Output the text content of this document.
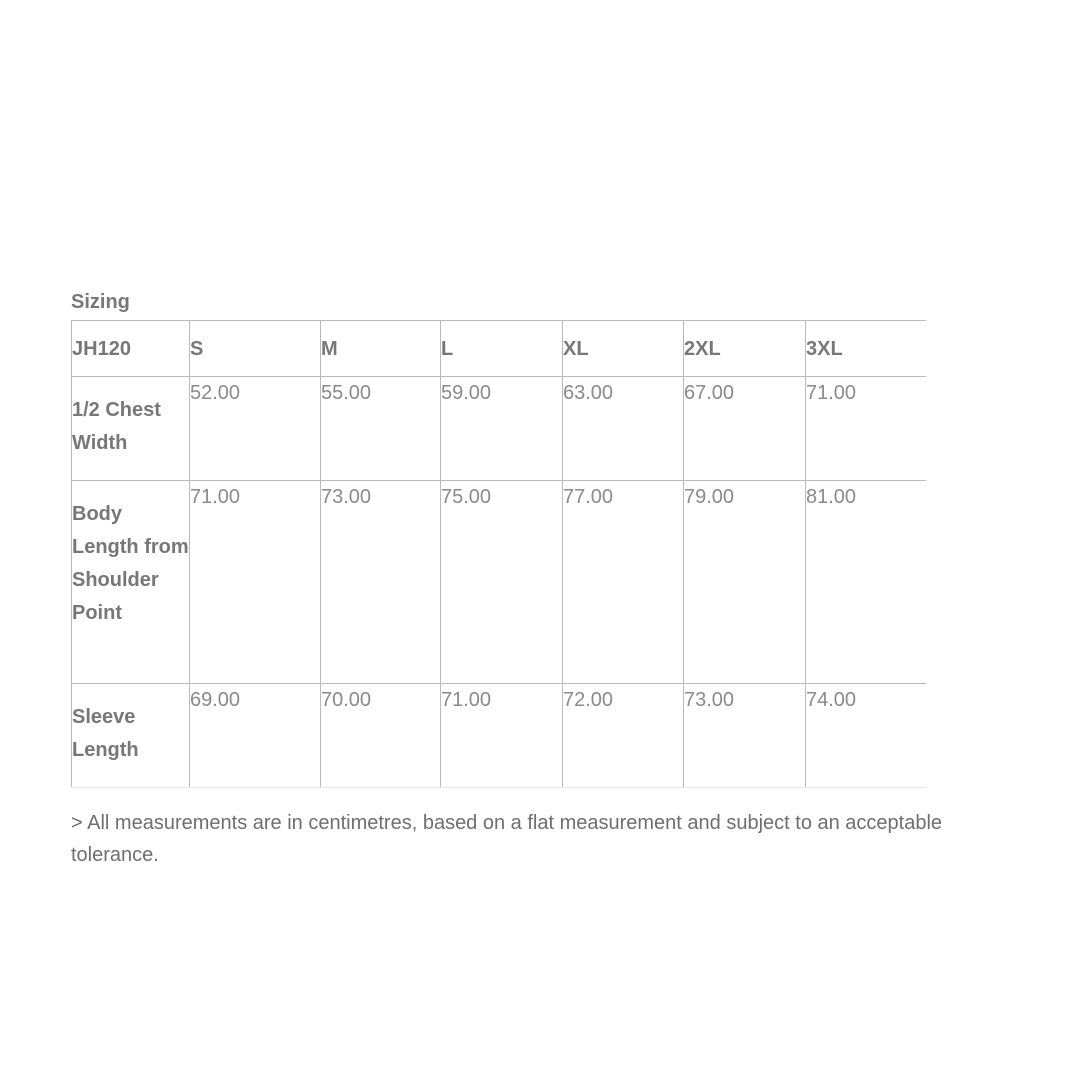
Sizing
JH120	S	M	L	XL	2XL	3XL
1/2 Chest Width	52.00	55.00	59.00	63.00	67.00	71.00
Body Length from Shoulder Point	71.00	73.00	75.00	77.00	79.00	81.00
Sleeve Length	69.00	70.00	71.00	72.00	73.00	74.00
> All measurements are in centimetres, based on a flat measurement and subject to an acceptable tolerance.
